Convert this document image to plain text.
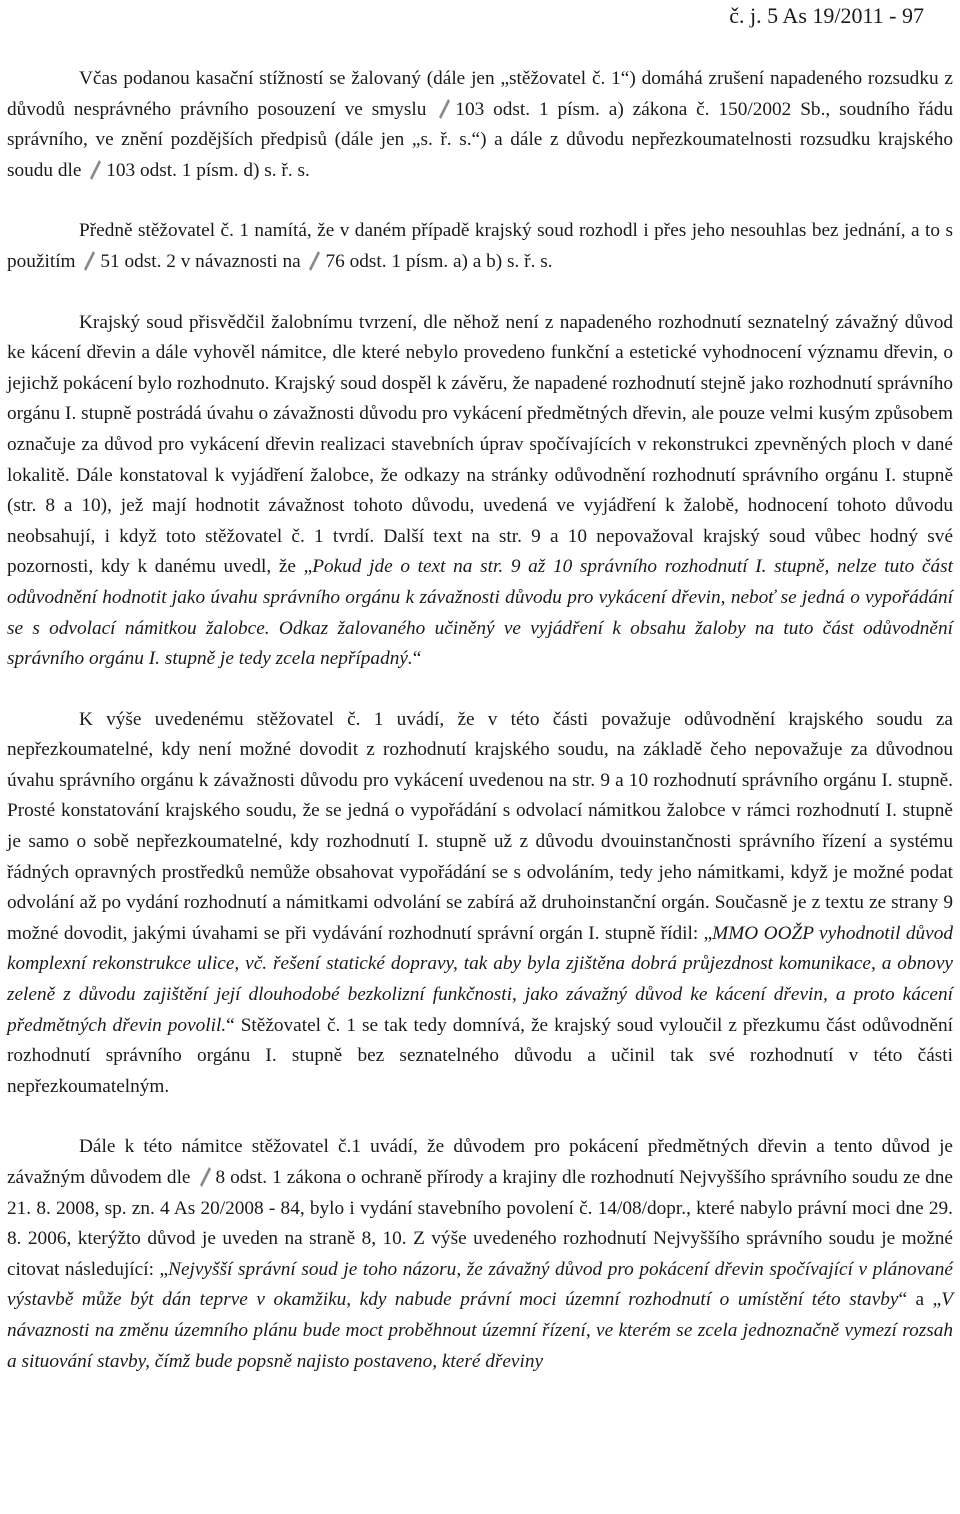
č. j. 5 As 19/2011 - 97

Včas podanou kasační stížností se žalovaný (dále jen „stěžovatel č. 1“) domáhá zrušení napadeného rozsudku z důvodů nesprávného právního posouzení ve smyslu
103 odst. 1 písm. a) zákona č. 150/2002 Sb., soudního řádu správního, ve znění pozdějších předpisů (dále jen „s. ř. s.“) a dále z důvodu nepřezkoumatelnosti rozsudku krajského soudu dle
103 odst. 1 písm. d) s. ř. s.

Předně stěžovatel č. 1 namítá, že v daném případě krajský soud rozhodl i přes jeho nesouhlas bez jednání, a to s použitím
51 odst. 2 v návaznosti na
76 odst. 1 písm. a) a b) s. ř. s.

Krajský soud přisvědčil žalobnímu tvrzení, dle něhož není z napadeného rozhodnutí seznatelný závažný důvod ke kácení dřevin a dále vyhověl námitce, dle které nebylo provedeno funkční a estetické vyhodnocení významu dřevin, o jejichž pokácení bylo rozhodnuto. Krajský soud dospěl k závěru, že napadené rozhodnutí stejně jako rozhodnutí správního orgánu I. stupně postrádá úvahu o závažnosti důvodu pro vykácení předmětných dřevin, ale pouze velmi kusým způsobem označuje za důvod pro vykácení dřevin realizaci stavebních úprav spočívajících v rekonstrukci zpevněných ploch v dané lokalitě. Dále konstatoval k vyjádření žalobce, že odkazy na stránky odůvodnění rozhodnutí správního orgánu I. stupně (str. 8 a 10), jež mají hodnotit závažnost tohoto důvodu, uvedená ve vyjádření k žalobě, hodnocení tohoto důvodu neobsahují, i když toto stěžovatel č. 1 tvrdí. Další text na str. 9 a 10 nepovažoval krajský soud vůbec hodný své pozornosti, kdy k danému uvedl, že „Pokud jde o text na str. 9 až 10 správního rozhodnutí I. stupně, nelze tuto část odůvodnění hodnotit jako úvahu správního orgánu k závažnosti důvodu pro vykácení dřevin, neboť se jedná o vypořádání se s odvolací námitkou žalobce. Odkaz žalovaného učiněný ve vyjádření k obsahu žaloby na tuto část odůvodnění správního orgánu I. stupně je tedy zcela nepřípadný.“

K výše uvedenému stěžovatel č. 1 uvádí, že v této části považuje odůvodnění krajského soudu za nepřezkoumatelné, kdy není možné dovodit z rozhodnutí krajského soudu, na základě čeho nepovažuje za důvodnou úvahu správního orgánu k závažnosti důvodu pro vykácení uvedenou na str. 9 a 10 rozhodnutí správního orgánu I. stupně. Prosté konstatování krajského soudu, že se jedná o vypořádání s odvolací námitkou žalobce v rámci rozhodnutí I. stupně je samo o sobě nepřezkoumatelné, kdy rozhodnutí I. stupně už z důvodu dvouinstančnosti správního řízení a systému řádných opravných prostředků nemůže obsahovat vypořádání se s odvoláním, tedy jeho námitkami, když je možné podat odvolání až po vydání rozhodnutí a námitkami odvolání se zabírá až druhoinstanční orgán. Současně je z textu ze strany 9 možné dovodit, jakými úvahami se při vydávání rozhodnutí správní orgán I. stupně řídil: „MMO OOŽP vyhodnotil důvod komplexní rekonstrukce ulice, vč. řešení statické dopravy, tak aby byla zjištěna dobrá průjezdnost komunikace, a obnovy zeleně z důvodu zajištění její dlouhodobé bezkolizní funkčnosti, jako závažný důvod ke kácení dřevin, a proto kácení předmětných dřevin povolil.“ Stěžovatel č. 1 se tak tedy domnívá, že krajský soud vyloučil z přezkumu část odůvodnění rozhodnutí správního orgánu I. stupně bez seznatelného důvodu a učinil tak své rozhodnutí v této části nepřezkoumatelným.

Dále k této námitce stěžovatel č.1 uvádí, že důvodem pro pokácení předmětných dřevin a tento důvod je závažným důvodem dle
8 odst. 1 zákona o ochraně přírody a krajiny dle rozhodnutí Nejvyššího správního soudu ze dne 21. 8. 2008, sp. zn. 4 As 20/2008 - 84, bylo i vydání stavebního povolení č. 14/08/dopr., které nabylo právní moci dne 29. 8. 2006, kterýžto důvod je uveden na straně 8, 10. Z výše uvedeného rozhodnutí Nejvyššího správního soudu je možné citovat následující: „Nejvyšší správní soud je toho názoru, že závažný důvod pro pokácení dřevin spočívající v plánované výstavbě může být dán teprve v okamžiku, kdy nabude právní moci územní rozhodnutí o umístění této stavby“ a „V návaznosti na změnu územního plánu bude moct proběhnout územní řízení, ve kterém se zcela jednoznačně vymezí rozsah a situování stavby, čímž bude popsně najisto postaveno, které dřeviny
